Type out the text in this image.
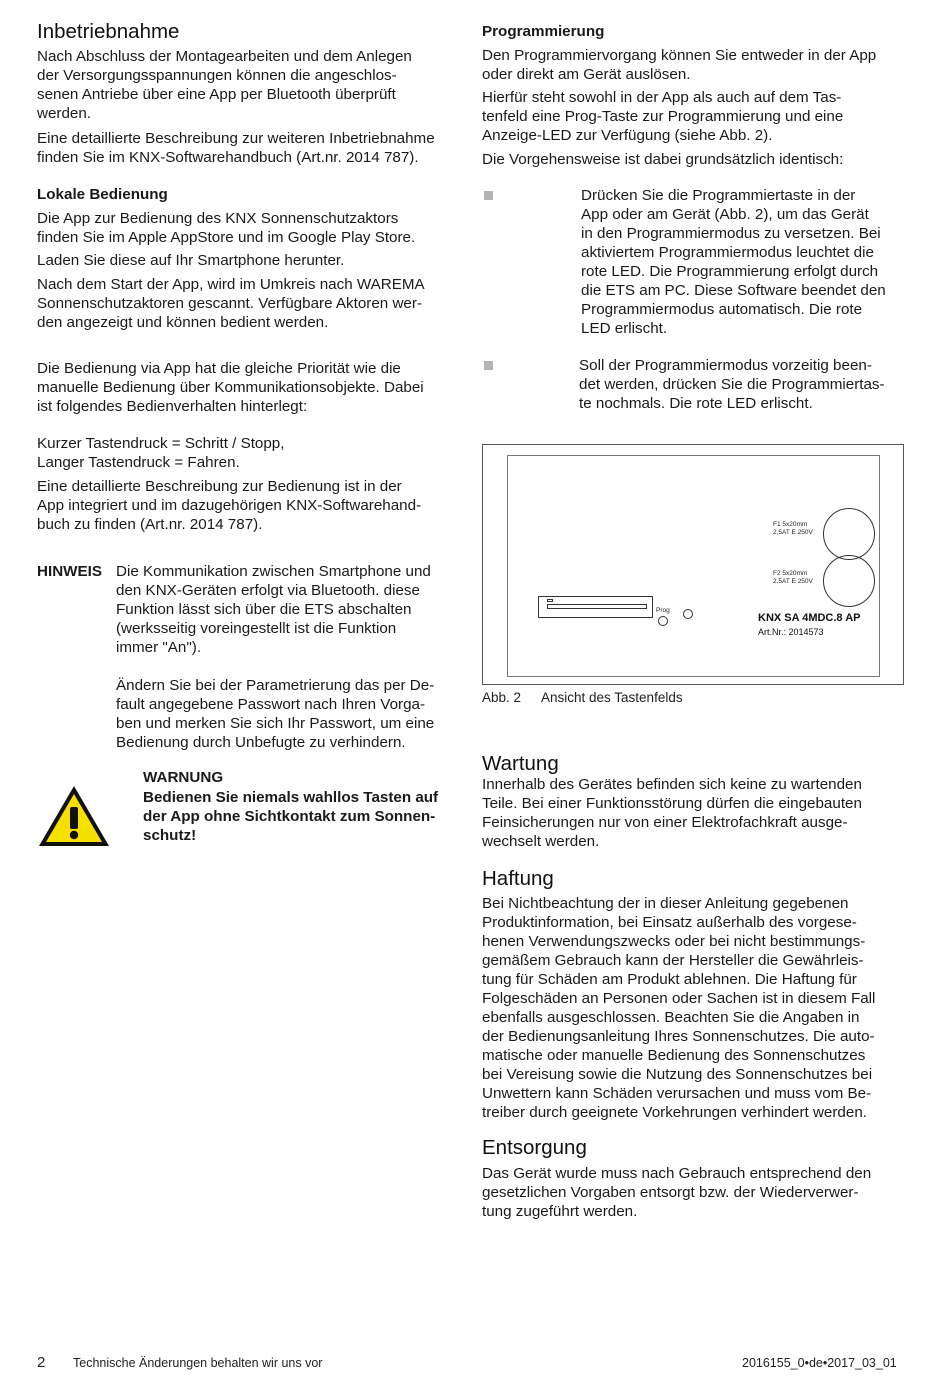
Inbetriebnahme

Nach Abschluss der Montagearbeiten und dem Anlegen
der Versorgungsspannungen können die angeschlos-
senen Antriebe über eine App per Bluetooth überprüft
werden.

Eine detaillierte Beschreibung zur weiteren Inbetriebnahme
finden Sie im KNX-Softwarehandbuch (Art.nr. 2014 787).

Lokale Bedienung

Die App zur Bedienung des KNX Sonnenschutzaktors
finden Sie im Apple AppStore und im Google Play Store.

Laden Sie diese auf Ihr Smartphone herunter.

Nach dem Start der App, wird im Umkreis nach WAREMA
Sonnenschutzaktoren gescannt. Verfügbare Aktoren wer-
den angezeigt und können bedient werden.

Die Bedienung via App hat die gleiche Priorität wie die
manuelle Bedienung über Kommunikationsobjekte. Dabei
ist folgendes Bedienverhalten hinterlegt:

Kurzer Tastendruck = Schritt / Stopp,
Langer Tastendruck = Fahren.

Eine detaillierte Beschreibung zur Bedienung ist in der
App integriert und im dazugehörigen KNX-Softwarehand-
buch zu finden (Art.nr. 2014 787).

HINWEIS Die Kommunikation zwischen Smartphone und
den KNX-Geräten erfolgt via Bluetooth. diese
Funktion lässt sich über die ETS abschalten
(werksseitig voreingestellt ist die Funktion
immer "An").

Ändern Sie bei der Parametrierung das per De-
fault angegebene Passwort nach Ihren Vorga-
ben und merken Sie sich Ihr Passwort, um eine
Bedienung durch Unbefugte zu verhindern.

WARNUNG

Bedienen Sie niemals wahllos Tasten auf
der App ohne Sichtkontakt zum Sonnen-
schutz!

Programmierung

Den Programmiervorgang können Sie entweder in der App
oder direkt am Gerät auslösen.

Hierfür steht sowohl in der App als auch auf dem Tas-
tenfeld eine Prog-Taste zur Programmierung und eine
Anzeige-LED zur Verfügung (siehe Abb. 2).

Die Vorgehensweise ist dabei grundsätzlich identisch:

Drücken Sie die Programmiertaste in der
App oder am Gerät (Abb. 2), um das Gerät
in den Programmiermodus zu versetzen. Bei
aktiviertem Programmiermodus leuchtet die
rote LED. Die Programmierung erfolgt durch
die ETS am PC. Diese Software beendet den
Programmiermodus automatisch. Die rote
LED erlischt.

Soll der Programmiermodus vorzeitig been-
det werden, drücken Sie die Programmiertas-
te nochmals. Die rote LED erlischt.

F1 5x20mm
2,5AT E 250V
F2 5x20mm
2,5AT E 250V
Prog
KNX SA 4MDC.8 AP
Art.Nr.: 2014573
Abb. 2 Ansicht des Tastenfelds
Wartung

Innerhalb des Gerätes befinden sich keine zu wartenden
Teile. Bei einer Funktionsstörung dürfen die eingebauten
Feinsicherungen nur von einer Elektrofachkraft ausge-
wechselt werden.

Haftung

Bei Nichtbeachtung der in dieser Anleitung gegebenen
Produktinformation, bei Einsatz außerhalb des vorgese-
henen Verwendungszwecks oder bei nicht bestimmungs-
gemäßem Gebrauch kann der Hersteller die Gewährleis-
tung für Schäden am Produkt ablehnen. Die Haftung für
Folgeschäden an Personen oder Sachen ist in diesem Fall
ebenfalls ausgeschlossen. Beachten Sie die Angaben in
der Bedienungsanleitung Ihres Sonnenschutzes. Die auto-
matische oder manuelle Bedienung des Sonnenschutzes
bei Vereisung sowie die Nutzung des Sonnenschutzes bei
Unwettern kann Schäden verursachen und muss vom Be-
treiber durch geeignete Vorkehrungen verhindert werden.

Entsorgung

Das Gerät wurde muss nach Gebrauch entsprechend den
gesetzlichen Vorgaben entsorgt bzw. der Wiederverwer-
tung zugeführt werden.

2 Technische Änderungen behalten wir uns vor	2016155_0•de•2017_03_01
